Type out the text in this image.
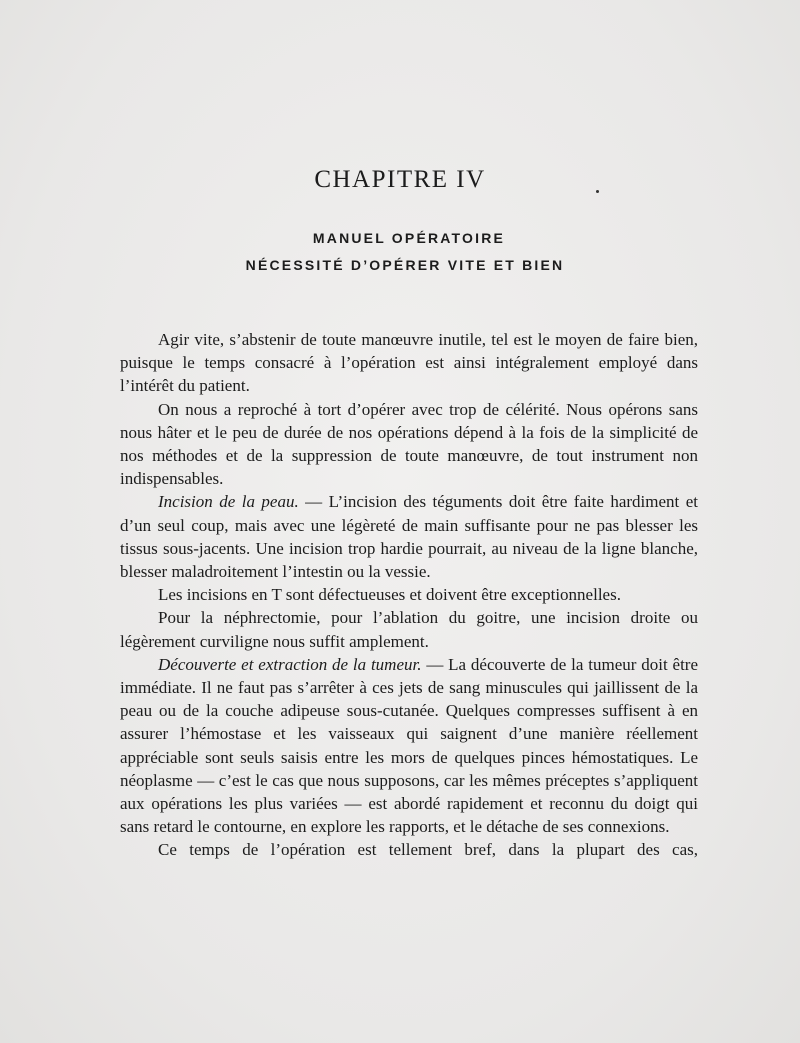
CHAPITRE IV
MANUEL OPÉRATOIRE
NÉCESSITÉ D’OPÉRER VITE ET BIEN

Agir vite, s’abstenir de toute manœuvre inutile, tel est le moyen de faire bien, puisque le temps consacré à l’opération est ainsi intégralement employé dans l’intérêt du patient.

On nous a reproché à tort d’opérer avec trop de célérité. Nous opérons sans nous hâter et le peu de durée de nos opérations dépend à la fois de la simplicité de nos méthodes et de la suppression de toute manœuvre, de tout instrument non indispensables.

Incision de la peau. — L’incision des téguments doit être faite hardiment et d’un seul coup, mais avec une légèreté de main suffisante pour ne pas blesser les tissus sous-jacents. Une incision trop hardie pourrait, au niveau de la ligne blanche, blesser maladroitement l’intestin ou la vessie.

Les incisions en T sont défectueuses et doivent être exceptionnelles.

Pour la néphrectomie, pour l’ablation du goitre, une incision droite ou légèrement curviligne nous suffit amplement.

Découverte et extraction de la tumeur. — La découverte de la tumeur doit être immédiate. Il ne faut pas s’arrêter à ces jets de sang minuscules qui jaillissent de la peau ou de la couche adipeuse sous-cutanée. Quelques compresses suffisent à en assurer l’hémostase et les vaisseaux qui saignent d’une manière réellement appréciable sont seuls saisis entre les mors de quelques pinces hémostatiques. Le néoplasme — c’est le cas que nous supposons, car les mêmes préceptes s’appliquent aux opérations les plus variées — est abordé rapidement et reconnu du doigt qui sans retard le contourne, en explore les rapports, et le détache de ses connexions.

Ce temps de l’opération est tellement bref, dans la plupart des cas,
